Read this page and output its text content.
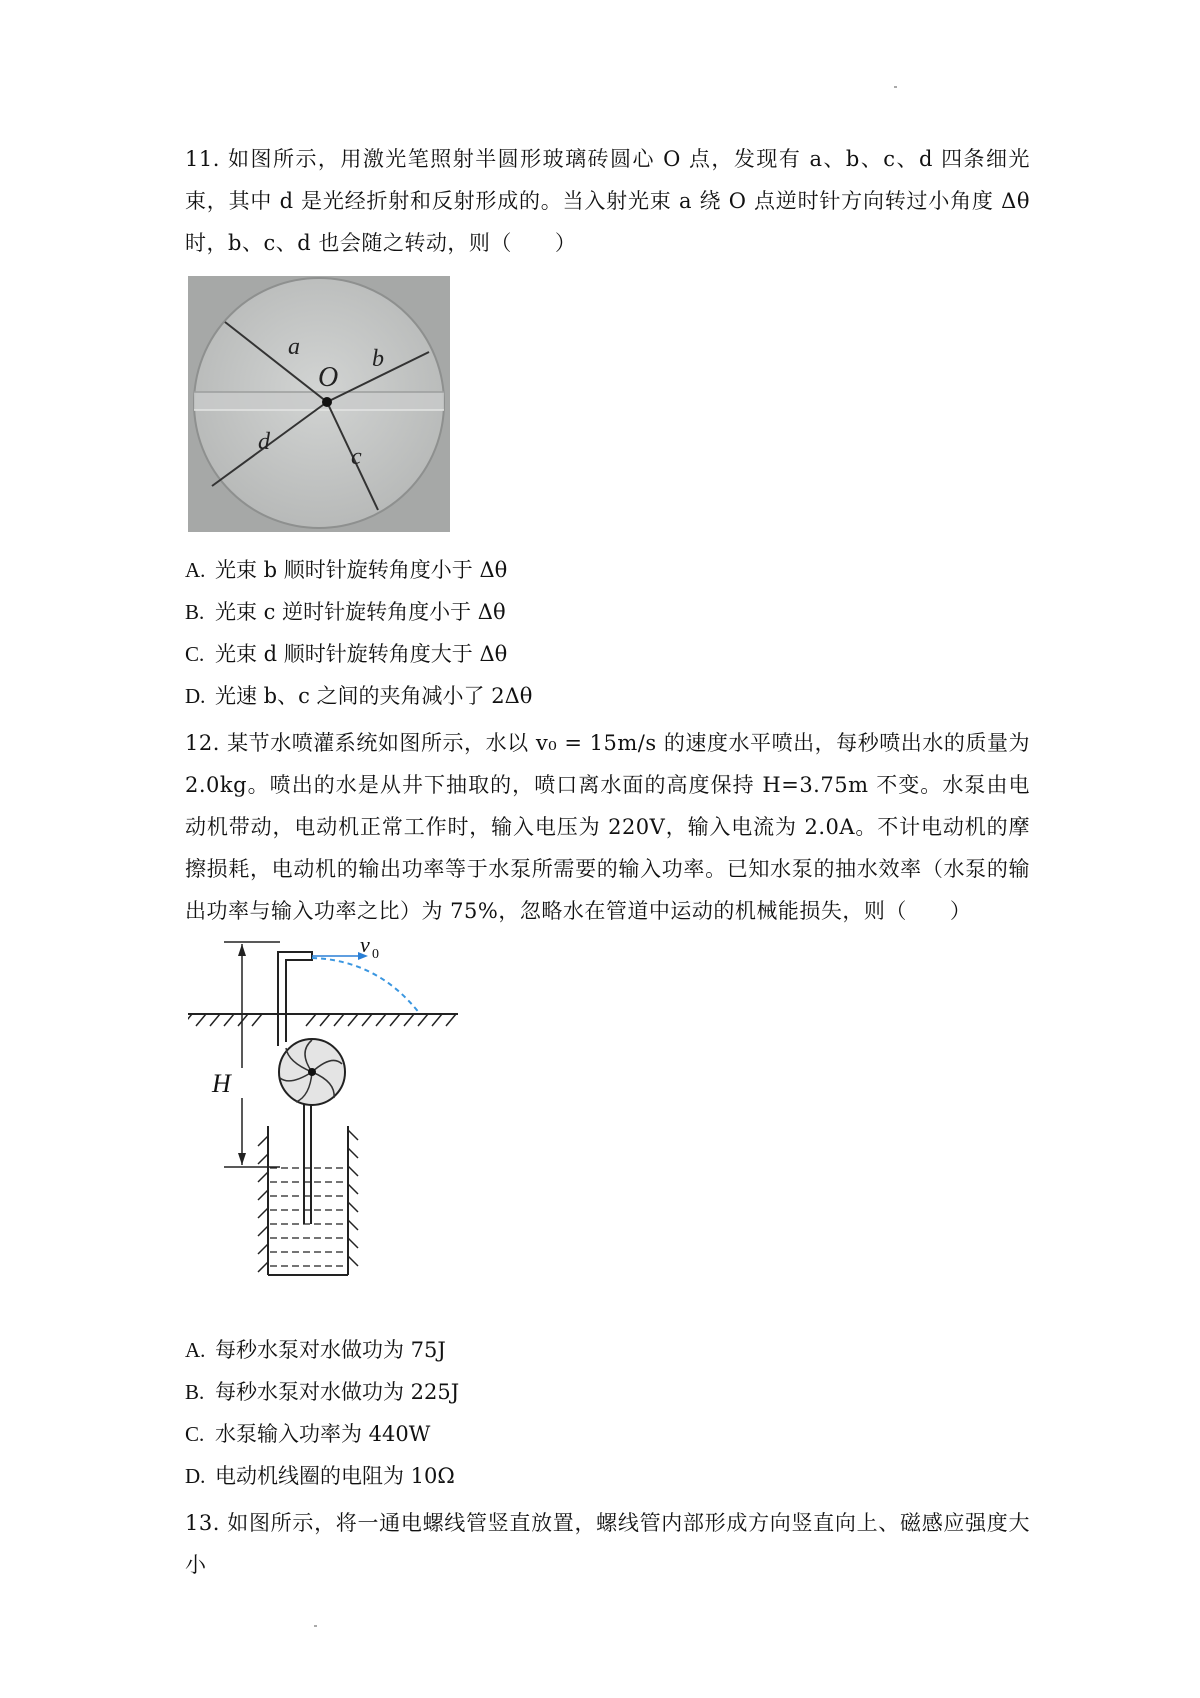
11. 如图所示，用激光笔照射半圆形玻璃砖圆心 O 点，发现有 a、b、c、d 四条细光束，其中 d 是光经折射和反射形成的。当入射光束 a 绕 O 点逆时针方向转过小角度 Δθ 时，b、c、d 也会随之转动，则（　　）
a	b
O
c
d
A. 光束 b 顺时针旋转角度小于 Δθ
B. 光束 c 逆时针旋转角度小于 Δθ
C. 光束 d 顺时针旋转角度大于 Δθ
D. 光速 b、c 之间的夹角减小了 2Δθ
12. 某节水喷灌系统如图所示，水以 v₀ = 15m/s 的速度水平喷出，每秒喷出水的质量为 2.0kg。喷出的水是从井下抽取的，喷口离水面的高度保持 H=3.75m 不变。水泵由电动机带动，电动机正常工作时，输入电压为 220V，输入电流为 2.0A。不计电动机的摩擦损耗，电动机的输出功率等于水泵所需要的输入功率。已知水泵的抽水效率（水泵的输出功率与输入功率之比）为 75%，忽略水在管道中运动的机械能损失，则（　　）
v 0
H
A. 每秒水泵对水做功为 75J
B. 每秒水泵对水做功为 225J
C. 水泵输入功率为 440W
D. 电动机线圈的电阻为 10Ω
13. 如图所示，将一通电螺线管竖直放置，螺线管内部形成方向竖直向上、磁感应强度大小
